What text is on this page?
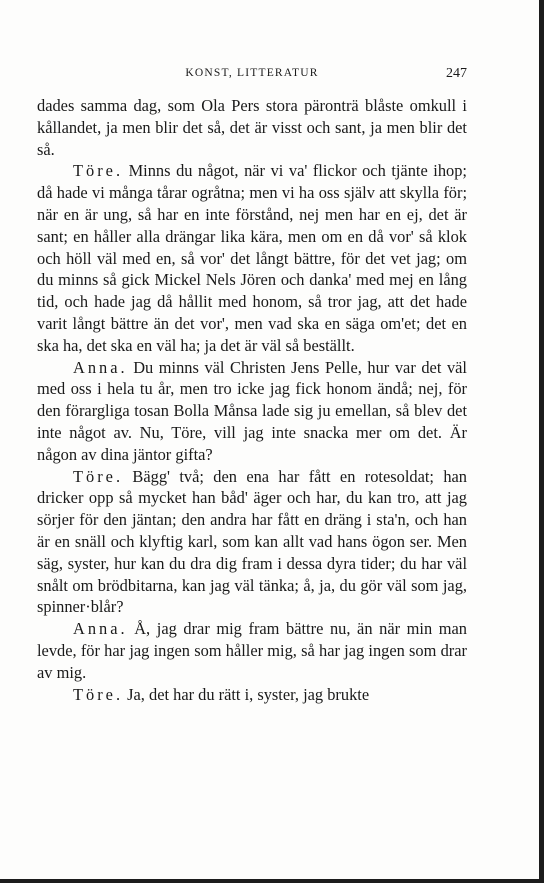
KONST, LITTERATUR	247

dades samma dag, som Ola Pers stora päronträ blåste omkull i kållandet, ja men blir det så, det är visst och sant, ja men blir det så.

Töre. Minns du något, när vi va' flickor och tjänte ihop; då hade vi många tårar ogråtna; men vi ha oss själv att skylla för; när en är ung, så har en inte förstånd, nej men har en ej, det är sant; en håller alla drängar lika kära, men om en då vor' så klok och höll väl med en, så vor' det långt bättre, för det vet jag; om du minns så gick Mickel Nels Jören och danka' med mej en lång tid, och hade jag då hållit med honom, så tror jag, att det hade varit långt bättre än det vor', men vad ska en säga om'et; det en ska ha, det ska en väl ha; ja det är väl så beställt.

Anna. Du minns väl Christen Jens Pelle, hur var det väl med oss i hela tu år, men tro icke jag fick honom ändå; nej, för den förargliga tosan Bolla Månsa lade sig ju emellan, så blev det inte något av. Nu, Töre, vill jag inte snacka mer om det. Är någon av dina jäntor gifta?

Töre. Bägg' två; den ena har fått en rotesoldat; han dricker opp så mycket han båd' äger och har, du kan tro, att jag sörjer för den jäntan; den andra har fått en dräng i sta'n, och han är en snäll och klyftig karl, som kan allt vad hans ögon ser. Men säg, syster, hur kan du dra dig fram i dessa dyra tider; du har väl snålt om brödbitarna, kan jag väl tänka; å, ja, du gör väl som jag, spinner·blår?

Anna. Å, jag drar mig fram bättre nu, än när min man levde, för har jag ingen som håller mig, så har jag ingen som drar av mig.

Töre. Ja, det har du rätt i, syster, jag brukte
